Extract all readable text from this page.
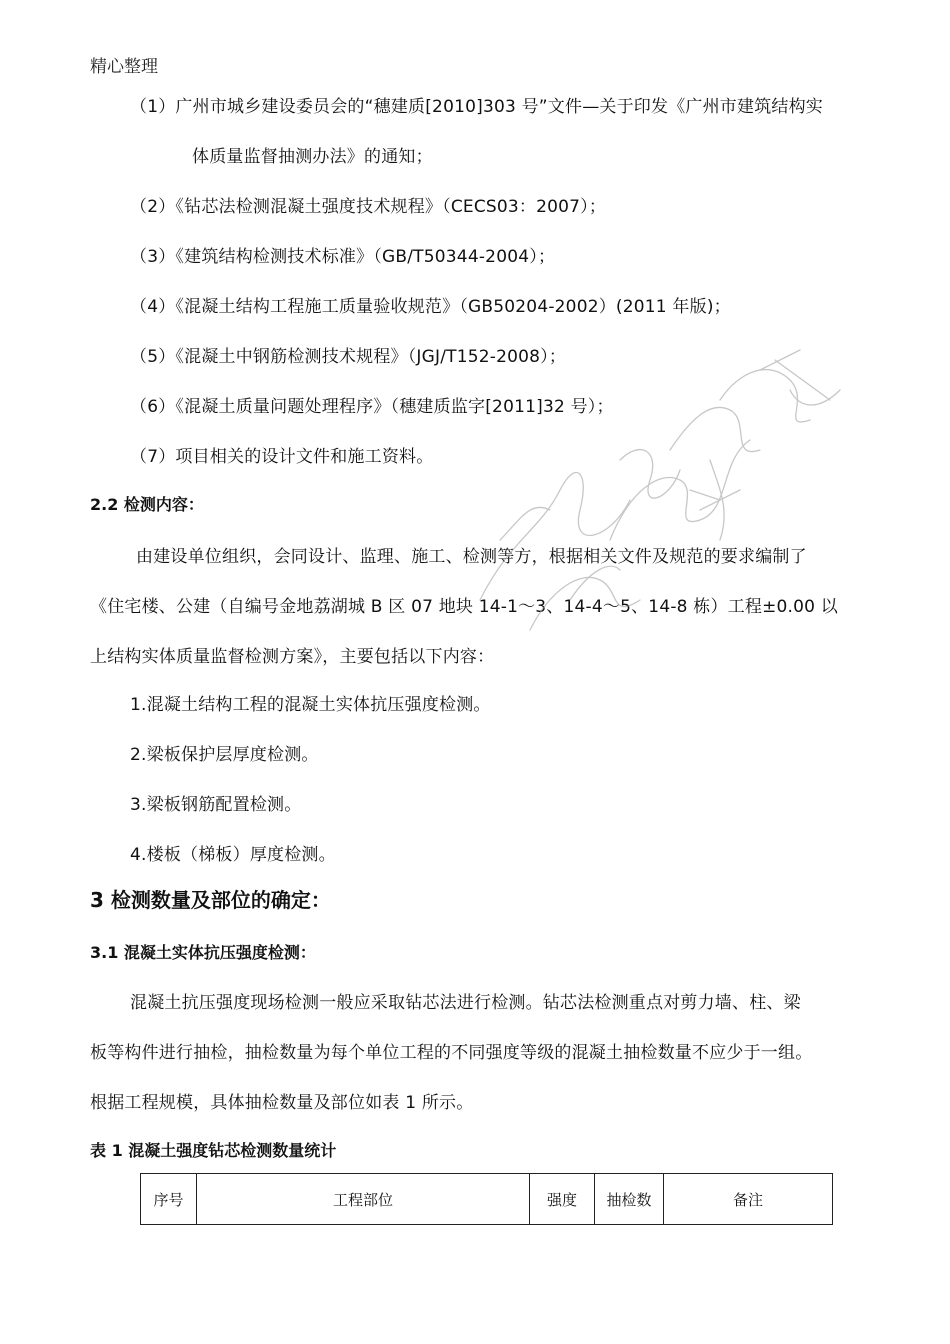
精心整理
（1）广州市城乡建设委员会的“穗建质[2010]303 号”文件—关于印发《广州市建筑结构实
体质量监督抽测办法》的通知；
（2）《钻芯法检测混凝土强度技术规程》（CECS03：2007）；
（3）《建筑结构检测技术标准》（GB/T50344-2004）；
（4）《混凝土结构工程施工质量验收规范》（GB50204-2002）(2011 年版)；
（5）《混凝土中钢筋检测技术规程》（JGJ/T152-2008）；
（6）《混凝土质量问题处理程序》（穗建质监字[2011]32 号）；
（7）项目相关的设计文件和施工资料。
2.2 检测内容：
由建设单位组织，会同设计、监理、施工、检测等方，根据相关文件及规范的要求编制了
《住宅楼、公建（自编号金地荔湖城 B 区 07 地块 14-1～3、14-4～5、14-8 栋）工程±0.00 以
上结构实体质量监督检测方案》，主要包括以下内容：
1.混凝土结构工程的混凝土实体抗压强度检测。
2.梁板保护层厚度检测。
3.梁板钢筋配置检测。
4.楼板（梯板）厚度检测。
3 检测数量及部位的确定：
3.1 混凝土实体抗压强度检测：
混凝土抗压强度现场检测一般应采取钻芯法进行检测。钻芯法检测重点对剪力墙、柱、梁
板等构件进行抽检，抽检数量为每个单位工程的不同强度等级的混凝土抽检数量不应少于一组。
根据工程规模，具体抽检数量及部位如表 1 所示。
表 1 混凝土强度钻芯检测数量统计
序号	工程部位	强度	抽检数	备注
